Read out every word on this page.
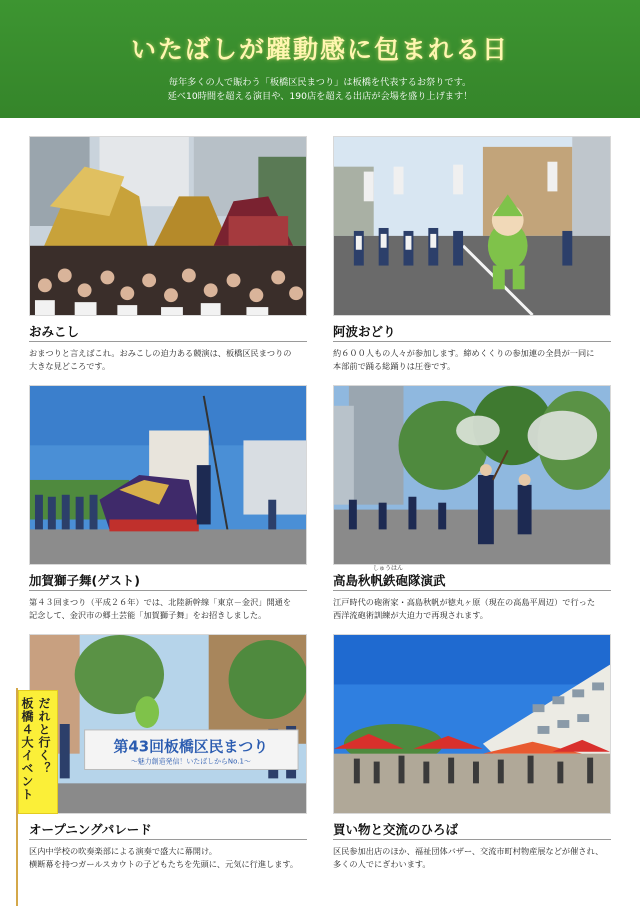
いたばしが躍動感に包まれる日
毎年多くの人で賑わう「板橋区民まつり」は板橋を代表するお祭りです。
延べ10時間を超える演目や、190店を超える出店が会場を盛り上げます！
おみこし
おまつりと言えばこれ。おみこしの迫力ある競演は、板橋区民まつりの
大きな見どころです。
阿波おどり
約６００人もの人々が参加します。締めくくりの参加連の全員が一同に
本部前で踊る総踊りは圧巻です。
加賀獅子舞(ゲスト)
第４３回まつり（平成２６年）では、北陸新幹線「東京－金沢」開通を
記念して、金沢市の郷土芸能「加賀獅子舞」をお招きしました。
しゅうはん
高島秋帆鉄砲隊演武
江戸時代の砲術家・高島秋帆が徳丸ヶ原（現在の高島平周辺）で行った
西洋流砲術訓練が大迫力で再現されます。
第43回板橋区民まつり
～魅力創造発信！いたばしからNo.1～
オープニングパレード
区内中学校の吹奏楽部による演奏で盛大に幕開け。
横断幕を持つガールスカウトの子どもたちを先頭に、元気に行進します。
買い物と交流のひろば
区民参加出店のほか、福祉団体バザー、交流市町村物産展などが催され、
多くの人でにぎわいます。
だれと行く？
板橋４大イベント
